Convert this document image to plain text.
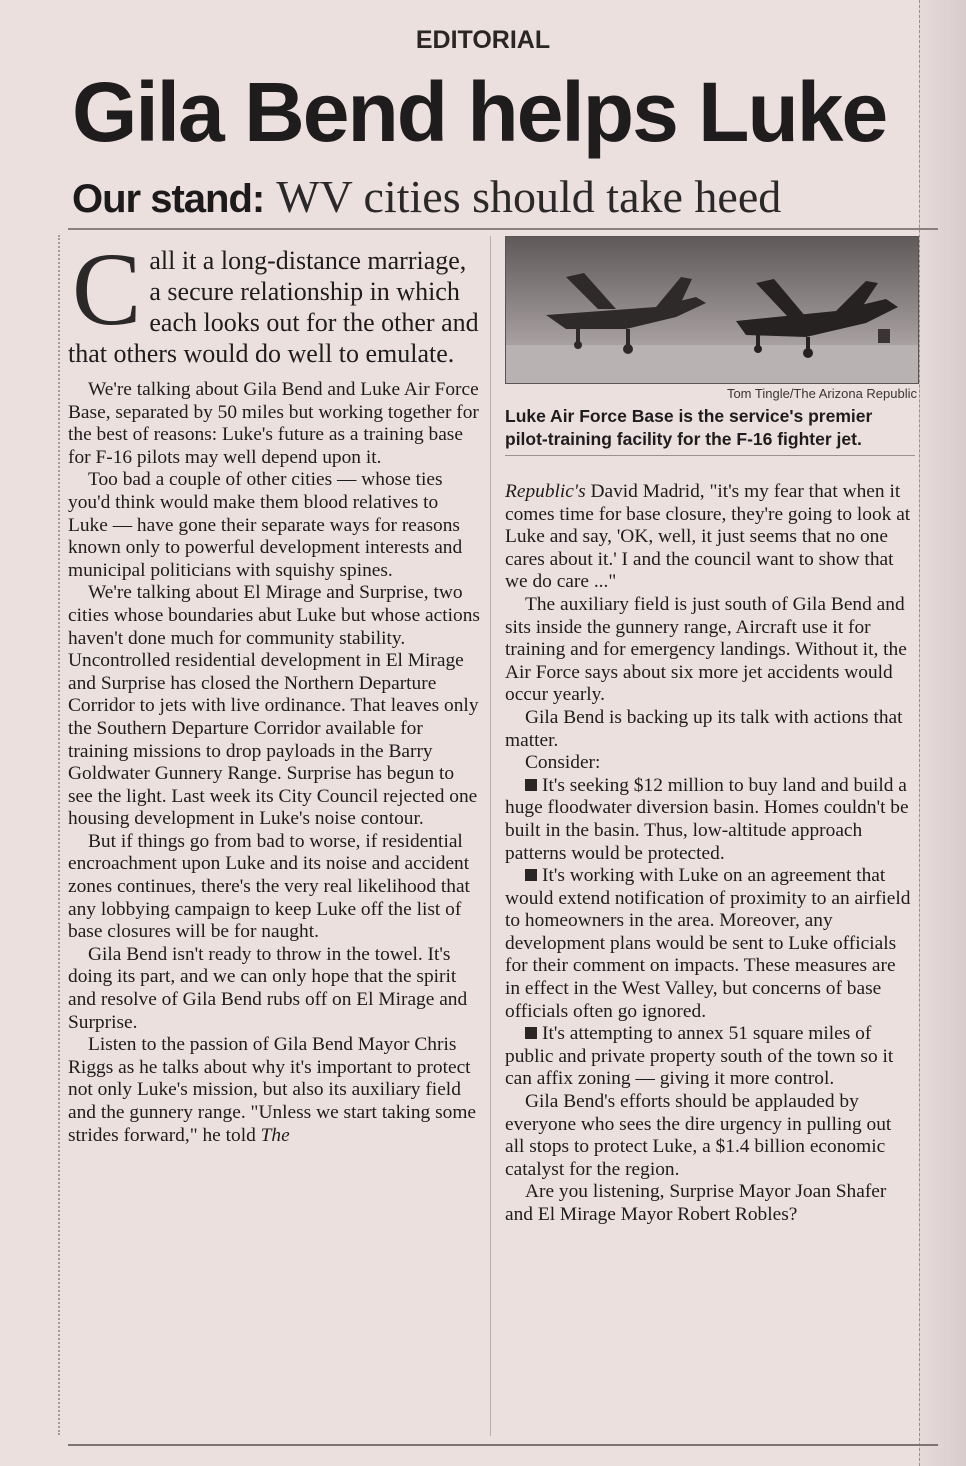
EDITORIAL
Gila Bend helps Luke
Our stand: WV cities should take heed
Call it a long-distance marriage, a secure relationship in which each looks out for the other and that others would do well to emulate.

We're talking about Gila Bend and Luke Air Force Base, separated by 50 miles but working together for the best of reasons: Luke's future as a training base for F-16 pilots may well depend upon it.

Too bad a couple of other cities — whose ties you'd think would make them blood relatives to Luke — have gone their separate ways for reasons known only to powerful development interests and municipal politicians with squishy spines.

We're talking about El Mirage and Surprise, two cities whose boundaries abut Luke but whose actions haven't done much for community stability. Uncontrolled residential development in El Mirage and Surprise has closed the Northern Departure Corridor to jets with live ordinance. That leaves only the Southern Departure Corridor available for training missions to drop payloads in the Barry Goldwater Gunnery Range. Surprise has begun to see the light. Last week its City Council rejected one housing development in Luke's noise contour.

But if things go from bad to worse, if residential encroachment upon Luke and its noise and accident zones continues, there's the very real likelihood that any lobbying campaign to keep Luke off the list of base closures will be for naught.

Gila Bend isn't ready to throw in the towel. It's doing its part, and we can only hope that the spirit and resolve of Gila Bend rubs off on El Mirage and Surprise.

Listen to the passion of Gila Bend Mayor Chris Riggs as he talks about why it's important to protect not only Luke's mission, but also its auxiliary field and the gunnery range. "Unless we start taking some strides forward," he told The

Tom Tingle/The Arizona Republic
Luke Air Force Base is the service's premier pilot-training facility for the F-16 fighter jet.

Republic's David Madrid, "it's my fear that when it comes time for base closure, they're going to look at Luke and say, 'OK, well, it just seems that no one cares about it.' I and the council want to show that we do care ..."

The auxiliary field is just south of Gila Bend and sits inside the gunnery range, Aircraft use it for training and for emergency landings. Without it, the Air Force says about six more jet accidents would occur yearly.

Gila Bend is backing up its talk with actions that matter.

Consider:

It's seeking $12 million to buy land and build a huge floodwater diversion basin. Homes couldn't be built in the basin. Thus, low-altitude approach patterns would be protected.

It's working with Luke on an agreement that would extend notification of proximity to an airfield to homeowners in the area. Moreover, any development plans would be sent to Luke officials for their comment on impacts. These measures are in effect in the West Valley, but concerns of base officials often go ignored.

It's attempting to annex 51 square miles of public and private property south of the town so it can affix zoning — giving it more control.

Gila Bend's efforts should be applauded by everyone who sees the dire urgency in pulling out all stops to protect Luke, a $1.4 billion economic catalyst for the region.

Are you listening, Surprise Mayor Joan Shafer and El Mirage Mayor Robert Robles?
